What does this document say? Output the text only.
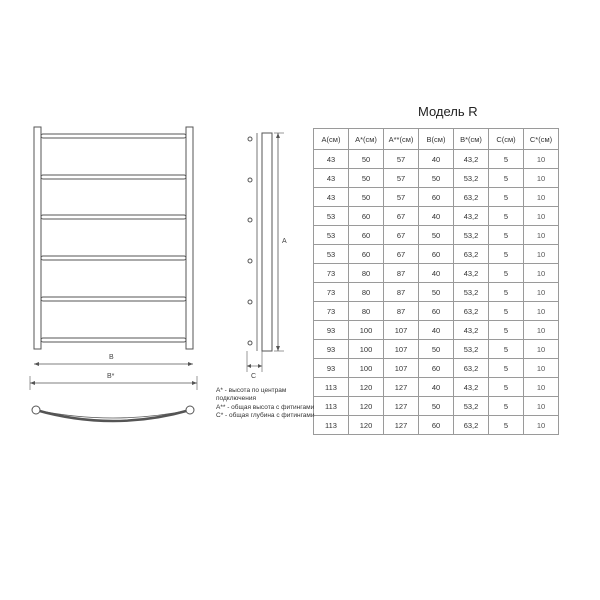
B
B*
A
C
Модель R
A(см)	A*(см)	A**(см)	B(см)	B*(см)	C(см)	C*(см)
43	50	57	40	43,2	5	10
43	50	57	50	53,2	5	10
43	50	57	60	63,2	5	10
53	60	67	40	43,2	5	10
53	60	67	50	53,2	5	10
53	60	67	60	63,2	5	10
73	80	87	40	43,2	5	10
73	80	87	50	53,2	5	10
73	80	87	60	63,2	5	10
93	100	107	40	43,2	5	10
93	100	107	50	53,2	5	10
93	100	107	60	63,2	5	10
113	120	127	40	43,2	5	10
113	120	127	50	53,2	5	10
113	120	127	60	63,2	5	10
A* - высота по центрам подключения
A** - общая высота с фитингами
C* - общая глубина с фитингами
